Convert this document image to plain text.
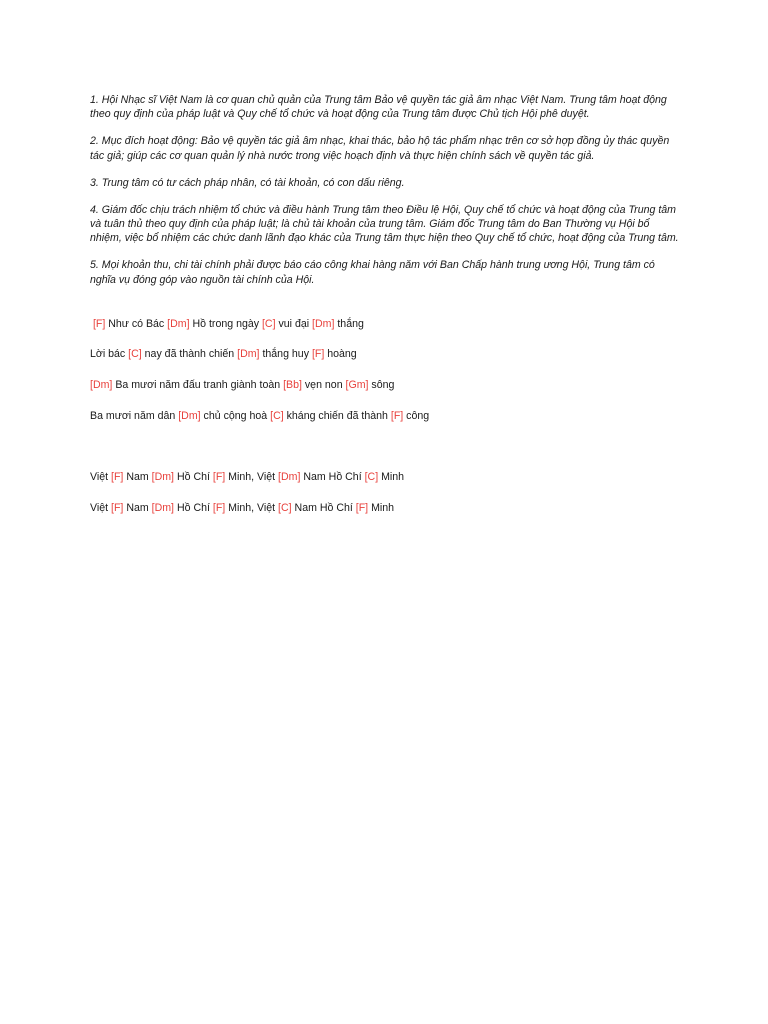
1. Hội Nhạc sĩ Việt Nam là cơ quan chủ quản của Trung tâm Bảo vệ quyền tác giả âm nhạc Việt Nam. Trung tâm hoạt động theo quy định của pháp luật và Quy chế tổ chức và hoạt động của Trung tâm được Chủ tịch Hội phê duyệt.

2. Mục đích hoạt động: Bảo vệ quyền tác giả âm nhạc, khai thác, bảo hộ tác phẩm nhạc trên cơ sở hợp đồng ủy thác quyền tác giả; giúp các cơ quan quản lý nhà nước trong việc hoạch định và thực hiện chính sách về quyền tác giả.

3. Trung tâm có tư cách pháp nhân, có tài khoản, có con dấu riêng.

4. Giám đốc chịu trách nhiệm tổ chức và điều hành Trung tâm theo Điều lệ Hội, Quy chế tổ chức và hoạt động của Trung tâm và tuân thủ theo quy định của pháp luật; là chủ tài khoản của trung tâm. Giám đốc Trung tâm do Ban Thường vụ Hội bổ nhiệm, việc bổ nhiệm các chức danh lãnh đạo khác của Trung tâm thực hiện theo Quy chế tổ chức, hoạt động của Trung tâm.

5. Mọi khoản thu, chi tài chính phải được báo cáo công khai hàng năm với Ban Chấp hành trung ương Hội, Trung tâm có nghĩa vụ đóng góp vào nguồn tài chính của Hội.

[F] Như có Bác [Dm] Hồ trong ngày [C] vui đại [Dm] thắng
Lời bác [C] nay đã thành chiến [Dm] thắng huy [F] hoàng
[Dm] Ba mươi năm đấu tranh giành toàn [Bb] vẹn non [Gm] sông
Ba mươi năm dân [Dm] chủ cộng hoà [C] kháng chiến đã thành [F] công
Việt [F] Nam [Dm] Hồ Chí [F] Minh, Việt [Dm] Nam Hồ Chí [C] Minh
Việt [F] Nam [Dm] Hồ Chí [F] Minh, Việt [C] Nam Hồ Chí [F] Minh
